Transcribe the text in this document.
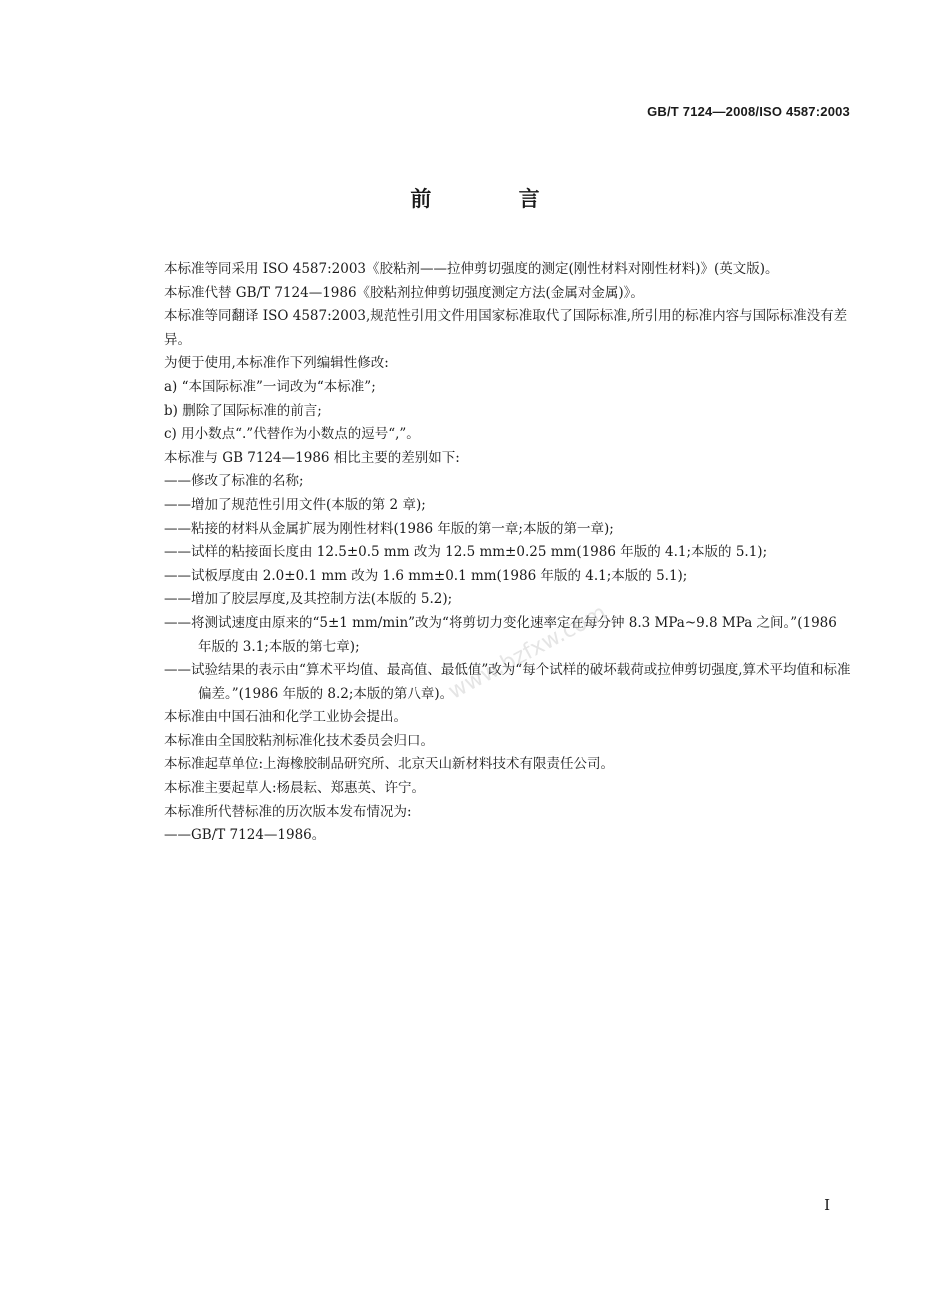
GB/T 7124—2008/ISO 4587:2003
前 言

本标准等同采用 ISO 4587:2003《胶粘剂——拉伸剪切强度的测定(刚性材料对刚性材料)》(英文版)。

本标准代替 GB/T 7124—1986《胶粘剂拉伸剪切强度测定方法(金属对金属)》。

本标准等同翻译 ISO 4587:2003,规范性引用文件用国家标准取代了国际标准,所引用的标准内容与国际标准没有差异。

为便于使用,本标准作下列编辑性修改:

a) “本国际标准”一词改为“本标准”;

b) 删除了国际标准的前言;

c) 用小数点“.”代替作为小数点的逗号“,”。

本标准与 GB 7124—1986 相比主要的差别如下:

——修改了标准的名称;

——增加了规范性引用文件(本版的第 2 章);

——粘接的材料从金属扩展为刚性材料(1986 年版的第一章;本版的第一章);

——试样的粘接面长度由 12.5±0.5 mm 改为 12.5 mm±0.25 mm(1986 年版的 4.1;本版的 5.1);

——试板厚度由 2.0±0.1 mm 改为 1.6 mm±0.1 mm(1986 年版的 4.1;本版的 5.1);

——增加了胶层厚度,及其控制方法(本版的 5.2);

——将测试速度由原来的“5±1 mm/min”改为“将剪切力变化速率定在每分钟 8.3 MPa~9.8 MPa 之间。”(1986 年版的 3.1;本版的第七章);

——试验结果的表示由“算术平均值、最高值、最低值”改为“每个试样的破坏载荷或拉伸剪切强度,算术平均值和标准偏差。”(1986 年版的 8.2;本版的第八章)。

本标准由中国石油和化学工业协会提出。

本标准由全国胶粘剂标准化技术委员会归口。

本标准起草单位:上海橡胶制品研究所、北京天山新材料技术有限责任公司。

本标准主要起草人:杨晨耘、郑惠英、许宁。

本标准所代替标准的历次版本发布情况为:

——GB/T 7124—1986。

www.bzfxw.com
I
